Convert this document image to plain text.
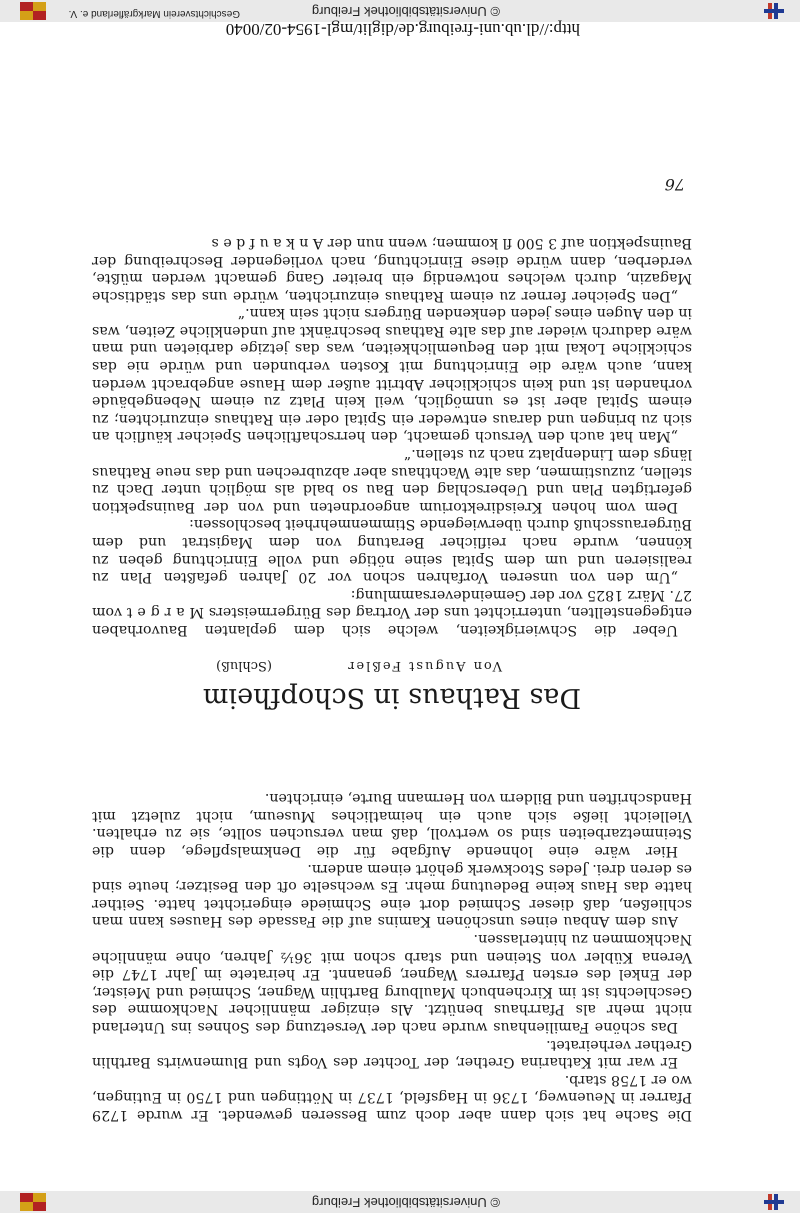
© Universitätsbibliothek Freiburg
© Universitätsbibliothek Freiburg
Geschichtsverein Markgräflerland e. V.

Die Sache hat sich dann aber doch zum Besseren gewendet. Er wurde 1729 Pfarrer in Neuenweg, 1736 in Hagsfeld, 1737 in Nöttingen und 1750 in Eutingen, wo er 1758 starb.

Er war mit Katharina Grether, der Tochter des Vogts und Blumenwirts Barthlin Grether verheiratet.

Das schöne Familienhaus wurde nach der Versetzung des Sohnes ins Unterland nicht mehr als Pfarrhaus benützt. Als einziger männlicher Nachkomme des Geschlechts ist im Kirchenbuch Maulburg Barthlin Wagner, Schmied und Meister, der Enkel des ersten Pfarrers Wagner, genannt. Er heiratete im Jahr 1747 die Verena Kübler von Steinen und starb schon mit 36½ Jahren, ohne männliche Nachkommen zu hinterlassen.

Aus dem Anbau eines unschönen Kamins auf die Fassade des Hauses kann man schließen, daß dieser Schmied dort eine Schmiede eingerichtet hatte. Seither hatte das Haus keine Bedeutung mehr. Es wechselte oft den Besitzer; heute sind es deren drei. Jedes Stockwerk gehört einem andern.

Hier wäre eine lohnende Aufgabe für die Denkmalspflege, denn die Steinmetzarbeiten sind so wertvoll, daß man versuchen sollte, sie zu erhalten. Vielleicht ließe sich auch ein heimatliches Museum, nicht zuletzt mit Handschriften und Bildern von Hermann Burte, einrichten.

Das Rathaus in Schopfheim
Von August Feßler
(Schluß)

Ueber die Schwierigkeiten, welche sich dem geplanten Bauvorhaben entgegenstellten, unterrichtet uns der Vortrag des Bürgermeisters M a r g e t vom 27. März 1825 vor der Gemeindeversammlung:

„Um den von unseren Vorfahren schon vor 20 Jahren gefaßten Plan zu realisieren und um dem Spital seine nötige und volle Einrichtung geben zu können, wurde nach reiflicher Beratung von dem Magistrat und dem Bürgerausschuß durch überwiegende Stimmenmehrheit beschlossen:

Dem vom hohen Kreisdirektorium angeordneten und von der Bauinspektion gefertigten Plan und Ueberschlag den Bau so bald als möglich unter Dach zu stellen, zuzustimmen, das alte Wachthaus aber abzubrechen und das neue Rathaus längs dem Lindenplatz nach zu stellen.“

„Man hat auch den Versuch gemacht, den herrschaftlichen Speicher käuflich an sich zu bringen und daraus entweder ein Spital oder ein Rathaus einzurichten; zu einem Spital aber ist es unmöglich, weil kein Platz zu einem Nebengebäude vorhanden ist und kein schicklicher Abtritt außer dem Hause angebracht werden kann, auch wäre die Einrichtung mit Kosten verbunden und würde nie das schickliche Lokal mit den Bequemlichkeiten, was das jetzige darbieten und man wäre dadurch wieder auf das alte Rathaus beschränkt auf undenkliche Zeiten, was in den Augen eines jeden denkenden Bürgers nicht sein kann.“

„Den Speicher ferner zu einem Rathaus einzurichten, würde uns das städtische Magazin, durch welches notwendig ein breiter Gang gemacht werden müßte, verderben, dann würde diese Einrichtung, nach vorliegender Beschreibung der Bauinspektion auf 3 500 fl kommen; wenn nun der A n k a u f d e s

76
http://dl.ub.uni-freiburg.de/diglit/mgl-1954-02/0040
